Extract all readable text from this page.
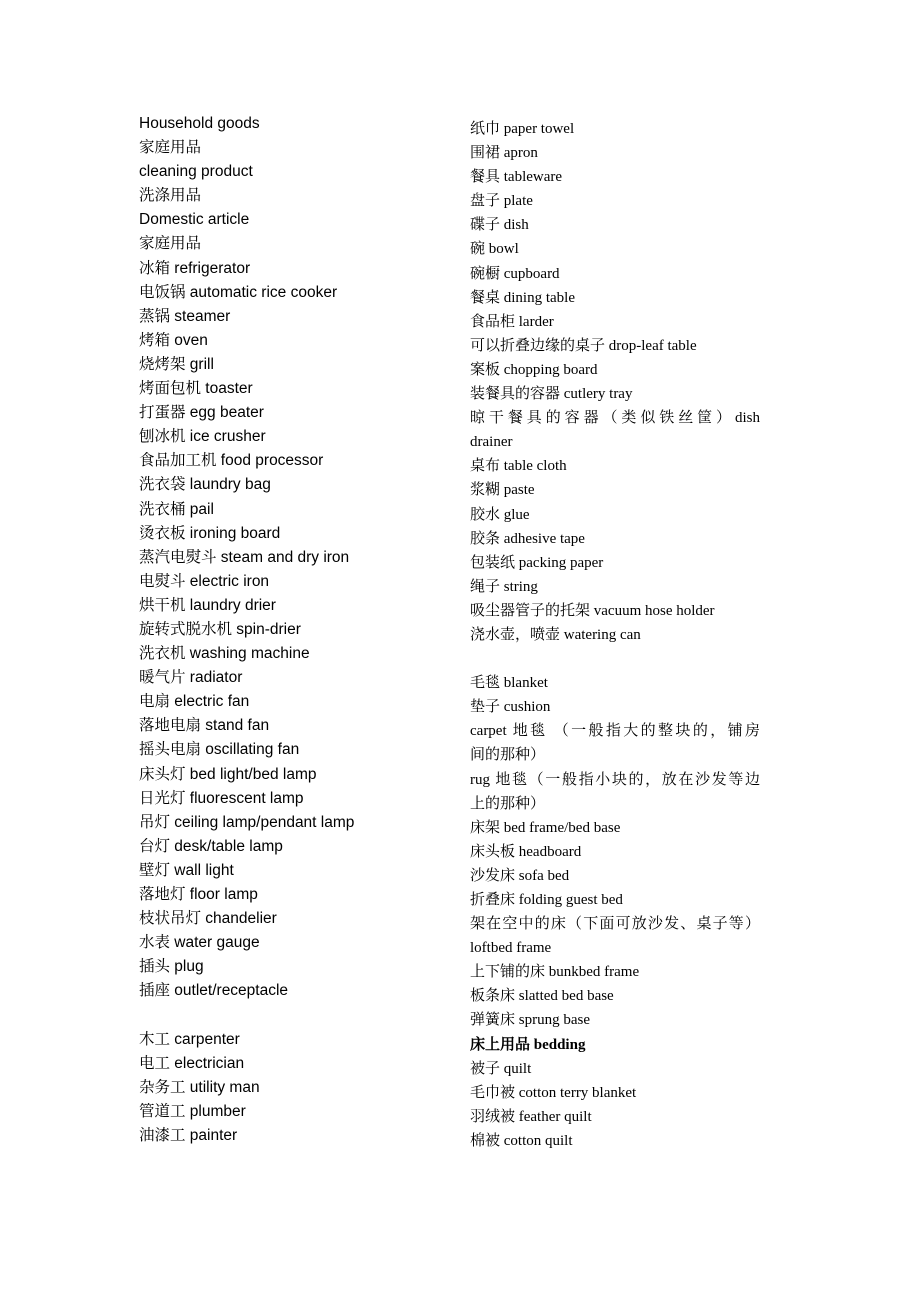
Household goods
家庭用品
cleaning product
洗涤用品
Domestic article
家庭用品
冰箱 refrigerator
电饭锅 automatic rice cooker
蒸锅 steamer
烤箱 oven
烧烤架 grill
烤面包机 toaster
打蛋器 egg beater
刨冰机 ice crusher
食品加工机 food processor
洗衣袋 laundry bag
洗衣桶 pail
烫衣板 ironing board
蒸汽电熨斗 steam and dry iron
电熨斗 electric iron
烘干机 laundry drier
旋转式脱水机 spin-drier
洗衣机 washing machine
暖气片 radiator
电扇 electric fan
落地电扇 stand fan
摇头电扇 oscillating fan
床头灯 bed light/bed lamp
日光灯 fluorescent lamp
吊灯 ceiling lamp/pendant lamp
台灯 desk/table lamp
壁灯 wall light
落地灯 floor lamp
枝状吊灯 chandelier
水表 water gauge
插头 plug
插座 outlet/receptacle
木工 carpenter
电工 electrician
杂务工 utility man
管道工 plumber
油漆工 painter
纸巾 paper towel
围裙 apron
餐具 tableware
盘子 plate
碟子 dish
碗 bowl
碗橱 cupboard
餐桌 dining table
食品柜 larder
可以折叠边缘的桌子 drop-leaf table
案板 chopping board
装餐具的容器 cutlery tray
晾干餐具的容器（类似铁丝筐）dish
drainer
桌布 table cloth
浆糊 paste
胶水 glue
胶条 adhesive tape
包装纸 packing paper
绳子 string
吸尘器管子的托架 vacuum hose holder
浇水壶，喷壶 watering can
毛毯 blanket
垫子 cushion
carpet 地毯 （一般指大的整块的，铺房
间的那种）
rug 地毯（一般指小块的，放在沙发等边
上的那种）
床架 bed frame/bed base
床头板 headboard
沙发床 sofa bed
折叠床 folding guest bed
架在空中的床（下面可放沙发、桌子等）
loftbed frame
上下铺的床 bunkbed frame
板条床 slatted bed base
弹簧床 sprung base
床上用品 bedding
被子 quilt
毛巾被 cotton terry blanket
羽绒被 feather quilt
棉被 cotton quilt
